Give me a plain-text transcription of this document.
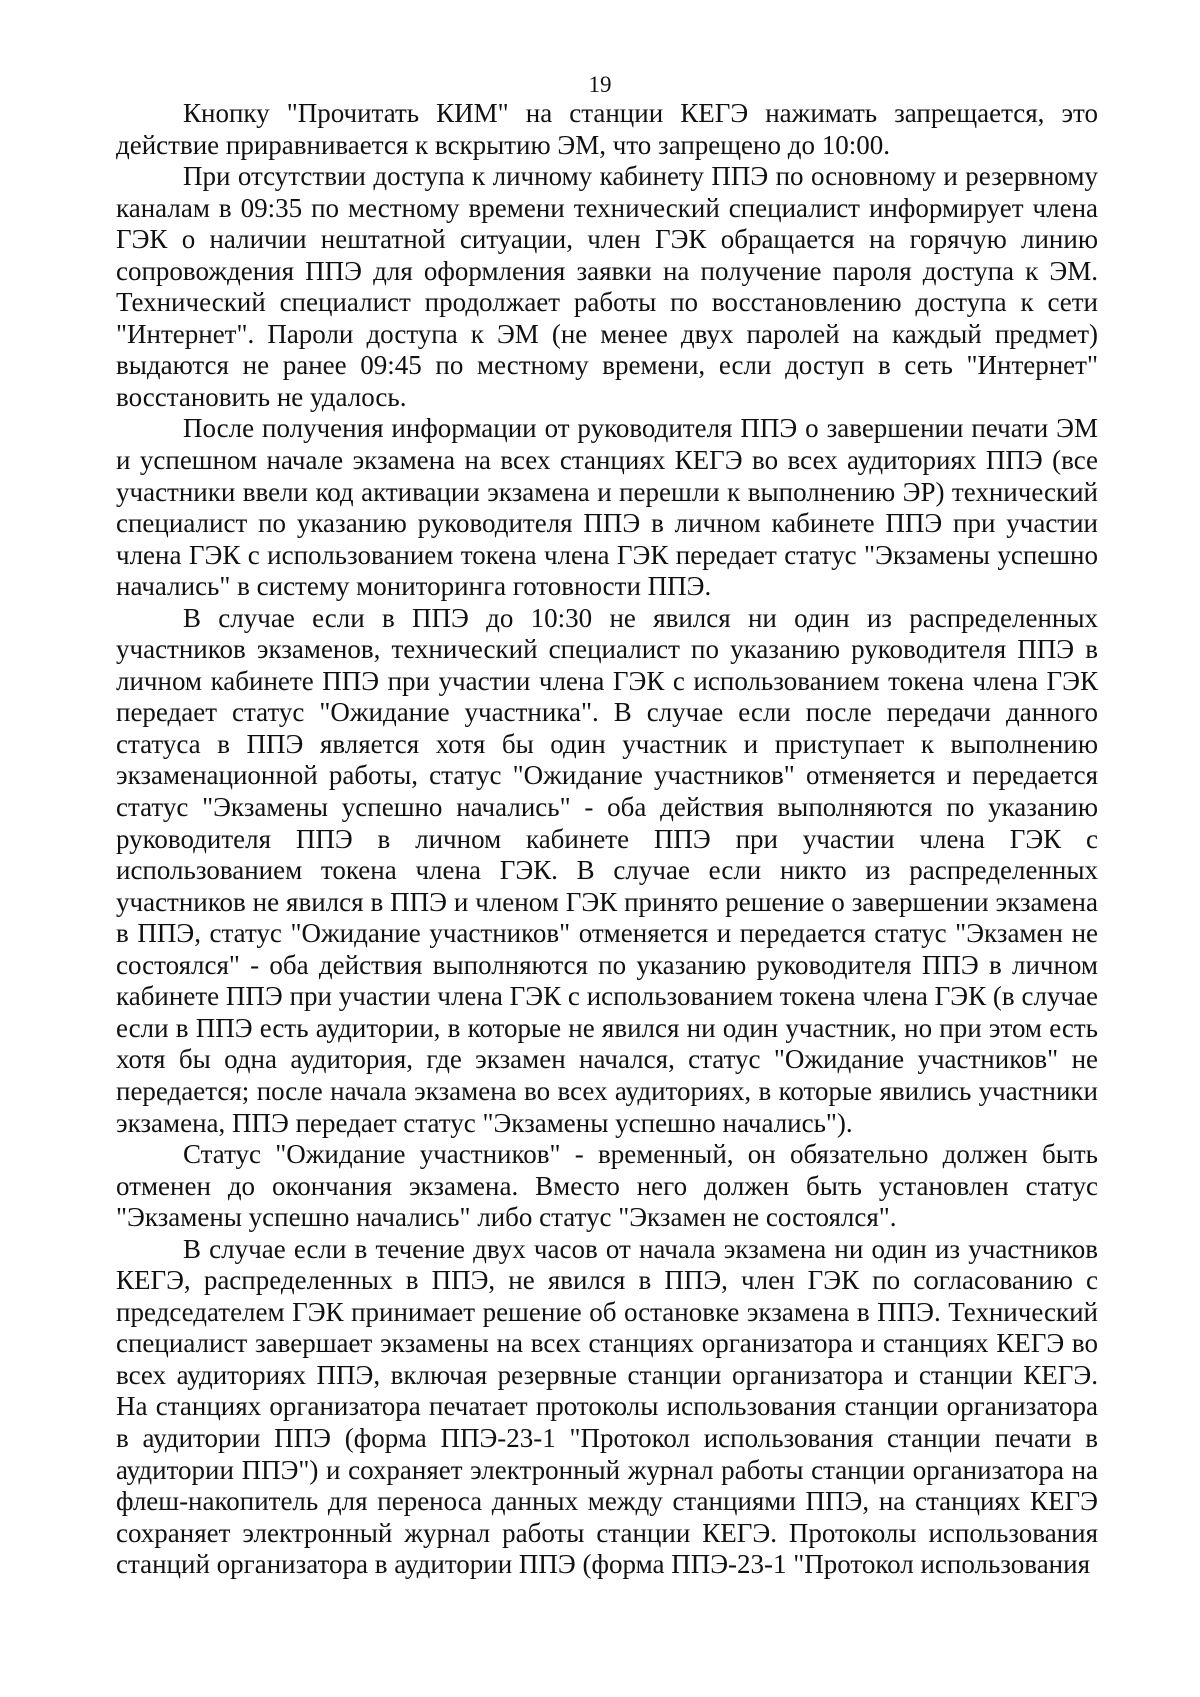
19

Кнопку "Прочитать КИМ" на станции КЕГЭ нажимать запрещается, это действие приравнивается к вскрытию ЭМ, что запрещено до 10:00.

При отсутствии доступа к личному кабинету ППЭ по основному и резервному каналам в 09:35 по местному времени технический специалист информирует члена ГЭК о наличии нештатной ситуации, член ГЭК обращается на горячую линию сопровождения ППЭ для оформления заявки на получение пароля доступа к ЭМ. Технический специалист продолжает работы по восстановлению доступа к сети "Интернет". Пароли доступа к ЭМ (не менее двух паролей на каждый предмет) выдаются не ранее 09:45 по местному времени, если доступ в сеть "Интернет" восстановить не удалось.

После получения информации от руководителя ППЭ о завершении печати ЭМ и успешном начале экзамена на всех станциях КЕГЭ во всех аудиториях ППЭ (все участники ввели код активации экзамена и перешли к выполнению ЭР) технический специалист по указанию руководителя ППЭ в личном кабинете ППЭ при участии члена ГЭК с использованием токена члена ГЭК передает статус "Экзамены успешно начались" в систему мониторинга готовности ППЭ.

В случае если в ППЭ до 10:30 не явился ни один из распределенных участников экзаменов, технический специалист по указанию руководителя ППЭ в личном кабинете ППЭ при участии члена ГЭК с использованием токена члена ГЭК передает статус "Ожидание участника". В случае если после передачи данного статуса в ППЭ является хотя бы один участник и приступает к выполнению экзаменационной работы, статус "Ожидание участников" отменяется и передается статус "Экзамены успешно начались" - оба действия выполняются по указанию руководителя ППЭ в личном кабинете ППЭ при участии члена ГЭК с использованием токена члена ГЭК. В случае если никто из распределенных участников не явился в ППЭ и членом ГЭК принято решение о завершении экзамена в ППЭ, статус "Ожидание участников" отменяется и передается статус "Экзамен не состоялся" - оба действия выполняются по указанию руководителя ППЭ в личном кабинете ППЭ при участии члена ГЭК с использованием токена члена ГЭК (в случае если в ППЭ есть аудитории, в которые не явился ни один участник, но при этом есть хотя бы одна аудитория, где экзамен начался, статус "Ожидание участников" не передается; после начала экзамена во всех аудиториях, в которые явились участники экзамена, ППЭ передает статус "Экзамены успешно начались").

Статус "Ожидание участников" - временный, он обязательно должен быть отменен до окончания экзамена. Вместо него должен быть установлен статус "Экзамены успешно начались" либо статус "Экзамен не состоялся".

В случае если в течение двух часов от начала экзамена ни один из участников КЕГЭ, распределенных в ППЭ, не явился в ППЭ, член ГЭК по согласованию с председателем ГЭК принимает решение об остановке экзамена в ППЭ. Технический специалист завершает экзамены на всех станциях организатора и станциях КЕГЭ во всех аудиториях ППЭ, включая резервные станции организатора и станции КЕГЭ. На станциях организатора печатает протоколы использования станции организатора в аудитории ППЭ (форма ППЭ-23-1 "Протокол использования станции печати в аудитории ППЭ") и сохраняет электронный журнал работы станции организатора на флеш-накопитель для переноса данных между станциями ППЭ, на станциях КЕГЭ сохраняет электронный журнал работы станции КЕГЭ. Протоколы использования станций организатора в аудитории ППЭ (форма ППЭ-23-1 "Протокол использования
